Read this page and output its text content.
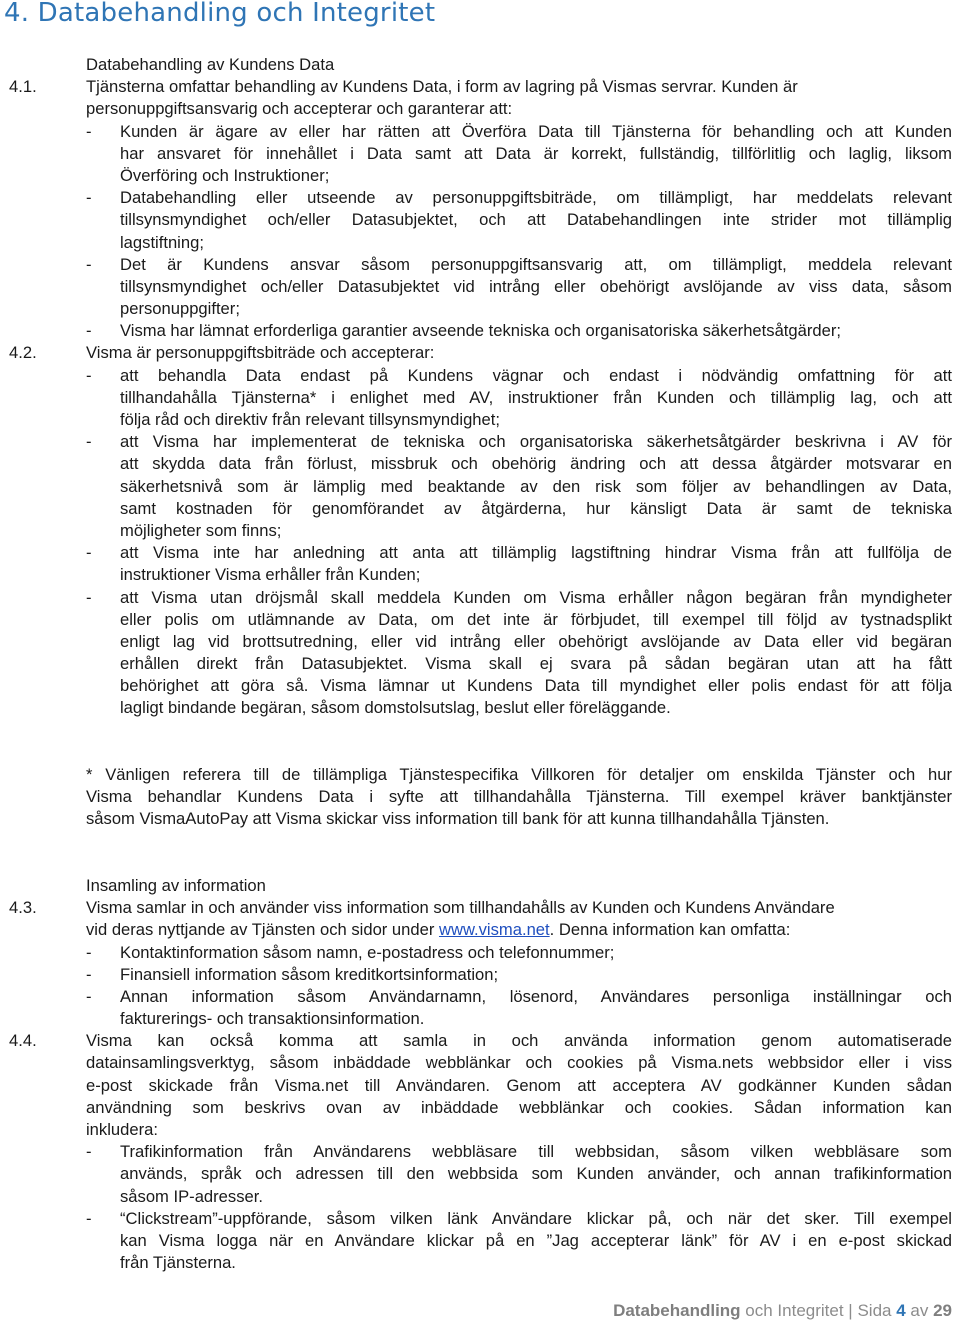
4. Databehandling och Integritet
Databehandling av Kundens Data
4.1.	Tjänsterna omfattar behandling av Kundens Data, i form av lagring på Vismas servrar. Kunden är
personuppgiftsansvarig och accepterar och garanterar att:
- Kunden är ägare av eller har rätten att Överföra Data till Tjänsterna för behandling och att Kunden
har ansvaret för innehållet i Data samt att Data är korrekt, fullständig, tillförlitlig och laglig, liksom
Överföring och Instruktioner;
- Databehandling eller utseende av personuppgiftsbiträde, om tillämpligt, har meddelats relevant
tillsynsmyndighet och/eller Datasubjektet, och att Databehandlingen inte strider mot tillämplig
lagstiftning;
- Det är Kundens ansvar såsom personuppgiftsansvarig att, om tillämpligt, meddela relevant
tillsynsmyndighet och/eller Datasubjektet vid intrång eller obehörigt avslöjande av viss data, såsom
personuppgifter;
- Visma har lämnat erforderliga garantier avseende tekniska och organisatoriska säkerhetsåtgärder;
4.2.	Visma är personuppgiftsbiträde och accepterar:
- att behandla Data endast på Kundens vägnar och endast i nödvändig omfattning för att
tillhandahålla Tjänsterna* i enlighet med AV, instruktioner från Kunden och tillämplig lag, och att
följa råd och direktiv från relevant tillsynsmyndighet;
- att Visma har implementerat de tekniska och organisatoriska säkerhetsåtgärder beskrivna i AV för
att skydda data från förlust, missbruk och obehörig ändring och att dessa åtgärder motsvarar en
säkerhetsnivå som är lämplig med beaktande av den risk som följer av behandlingen av Data,
samt kostnaden för genomförandet av åtgärderna, hur känsligt Data är samt de tekniska
möjligheter som finns;
- att Visma inte har anledning att anta att tillämplig lagstiftning hindrar Visma från att fullfölja de
instruktioner Visma erhåller från Kunden;
- att Visma utan dröjsmål skall meddela Kunden om Visma erhåller någon begäran från myndigheter
eller polis om utlämnande av Data, om det inte är förbjudet, till exempel till följd av tystnadsplikt
enligt lag vid brottsutredning, eller vid intrång eller obehörigt avslöjande av Data eller vid begäran
erhållen direkt från Datasubjektet. Visma skall ej svara på sådan begäran utan att ha fått
behörighet att göra så. Visma lämnar ut Kundens Data till myndighet eller polis endast för att följa
lagligt bindande begäran, såsom domstolsutslag, beslut eller föreläggande.
* Vänligen referera till de tillämpliga Tjänstespecifika Villkoren för detaljer om enskilda Tjänster och hur
Visma behandlar Kundens Data i syfte att tillhandahålla Tjänsterna. Till exempel kräver banktjänster
såsom VismaAutoPay att Visma skickar viss information till bank för att kunna tillhandahålla Tjänsten.
Insamling av information
4.3.	Visma samlar in och använder viss information som tillhandahålls av Kunden och Kundens Användare
vid deras nyttjande av Tjänsten och sidor under www.visma.net. Denna information kan omfatta:
- Kontaktinformation såsom namn, e-postadress och telefonnummer;
- Finansiell information såsom kreditkortsinformation;
- Annan information såsom Användarnamn, lösenord, Användares personliga inställningar och
fakturerings- och transaktionsinformation.
4.4.	Visma kan också komma att samla in och använda information genom automatiserade
datainsamlingsverktyg, såsom inbäddade webblänkar och cookies på Visma.nets webbsidor eller i viss
e-post skickade från Visma.net till Användaren. Genom att acceptera AV godkänner Kunden sådan
användning som beskrivs ovan av inbäddade webblänkar och cookies. Sådan information kan
inkludera:
- Trafikinformation från Användarens webbläsare till webbsidan, såsom vilken webbläsare som
används, språk och adressen till den webbsida som Kunden använder, och annan trafikinformation
såsom IP-adresser.
- “Clickstream”-uppförande, såsom vilken länk Användare klickar på, och när det sker. Till exempel
kan Visma logga när en Användare klickar på en ”Jag accepterar länk” för AV i en e-post skickad
från Tjänsterna.
Databehandling och Integritet | Sida 4 av 29
